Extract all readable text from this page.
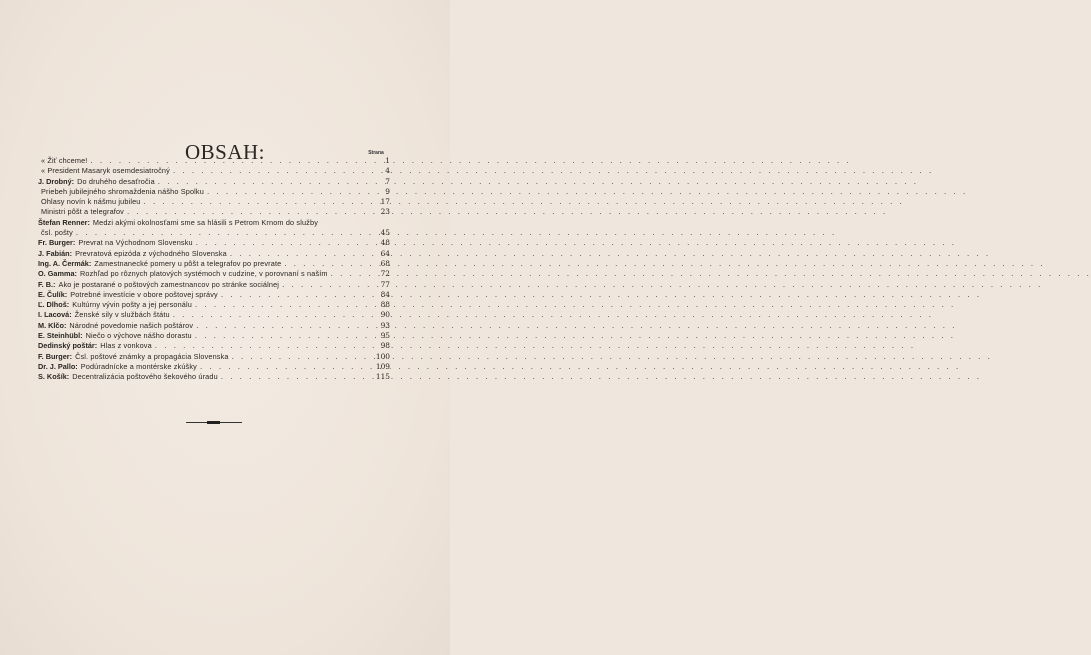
OBSAH:	Strana
« Žiť chceme! . . .	1
« President Masaryk osemdesiatročný . . .	4
J. Drobný: Do druhého desaťročia . . .	7
Priebeh jubilejného shromaždenia nášho Spolku . . .	9
Ohlasy novín k nášmu jubileu . . .	17
Ministri pôšt a telegrafov . . .	23
Štefan Renner: Medzi akými okolnosťami sme sa hlásili s Petrom Krnom do služby
čsl. pošty . . .	45
Fr. Burger: Prevrat na Východnom Slovensku . . .	48
J. Fabián: Prevratová epizóda z východného Slovenska . . .	64
Ing. A. Čermák: Zamestnanecké pomery u pôšt a telegrafov po prevrate . . .	68
O. Gamma: Rozhľad po rôznych platových systémoch v cudzine, v porovnaní s naším . . .	72
F. B.: Ako je postarané o poštových zamestnancov po stránke sociálnej . . .	77
E. Čulík: Potrebné investície v obore poštovej správy . . .	84
Ľ. Dlhoš: Kultúrny vývin pošty a jej personálu . . .	88
I. Lacová: Ženské sily v službách štátu . . .	90
M. Klčo: Národné povedomie našich poštárov . . .	93
E. Steinhübl: Niečo o výchove nášho dorastu . . .	95
Dedinský poštár: Hlas z vonkova . . .	98
F. Burger: Čsl. poštové známky a propagácia Slovenska . . .	100
Dr. J. Pallo: Podúradnícke a montérske zkúšky . . .	109
S. Košík: Decentralizácia poštového šekového úradu . . .	115
